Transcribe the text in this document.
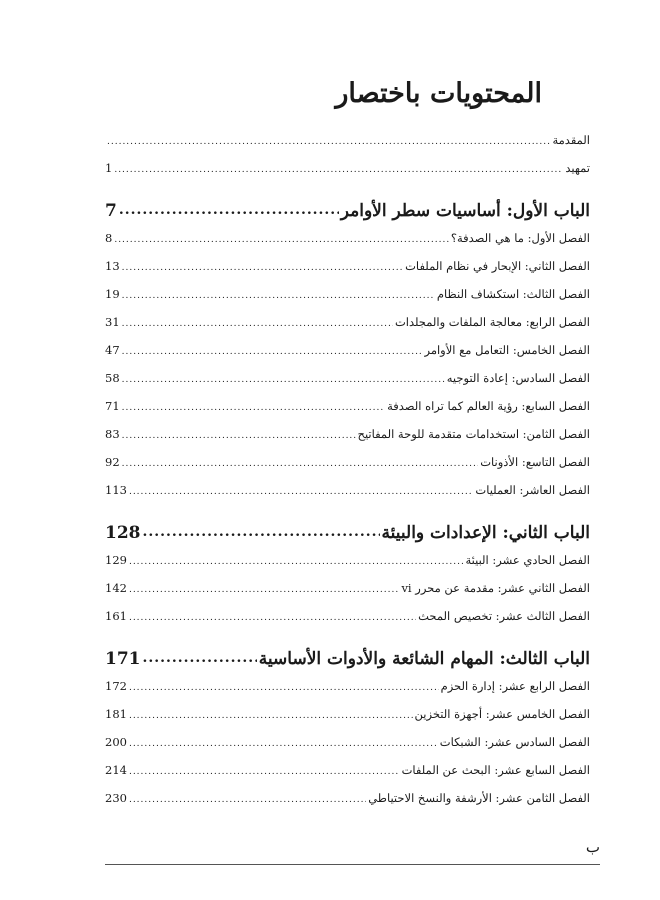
المحتويات باختصار
المقدمة
.....
تمهيد
.....
1
الباب الأول: أساسيات سطر الأوامر
.....
7
الفصل الأول: ما هي الصدفة؟
.....
8
الفصل الثاني: الإبحار في نظام الملفات
.....
13
الفصل الثالث: استكشاف النظام
.....
19
الفصل الرابع: معالجة الملفات والمجلدات
.....
31
الفصل الخامس: التعامل مع الأوامر
.....
47
الفصل السادس: إعادة التوجيه
.....
58
الفصل السابع: رؤية العالم كما تراه الصدفة
.....
71
الفصل الثامن: استخدامات متقدمة للوحة المفاتيح
.....
83
الفصل التاسع: الأذونات
.....
92
الفصل العاشر: العمليات
.....
113
الباب الثاني: الإعدادات والبيئة
.....
128
الفصل الحادي عشر: البيئة
.....
129
الفصل الثاني عشر: مقدمة عن محرر vi
.....
142
الفصل الثالث عشر: تخصيص المحث
.....
161
الباب الثالث: المهام الشائعة والأدوات الأساسية
.....
171
الفصل الرابع عشر: إدارة الحزم
.....
172
الفصل الخامس عشر: أجهزة التخزين
.....
181
الفصل السادس عشر: الشبكات
.....
200
الفصل السابع عشر: البحث عن الملفات
.....
214
الفصل الثامن عشر: الأرشفة والنسخ الاحتياطي
.....
230
ب
